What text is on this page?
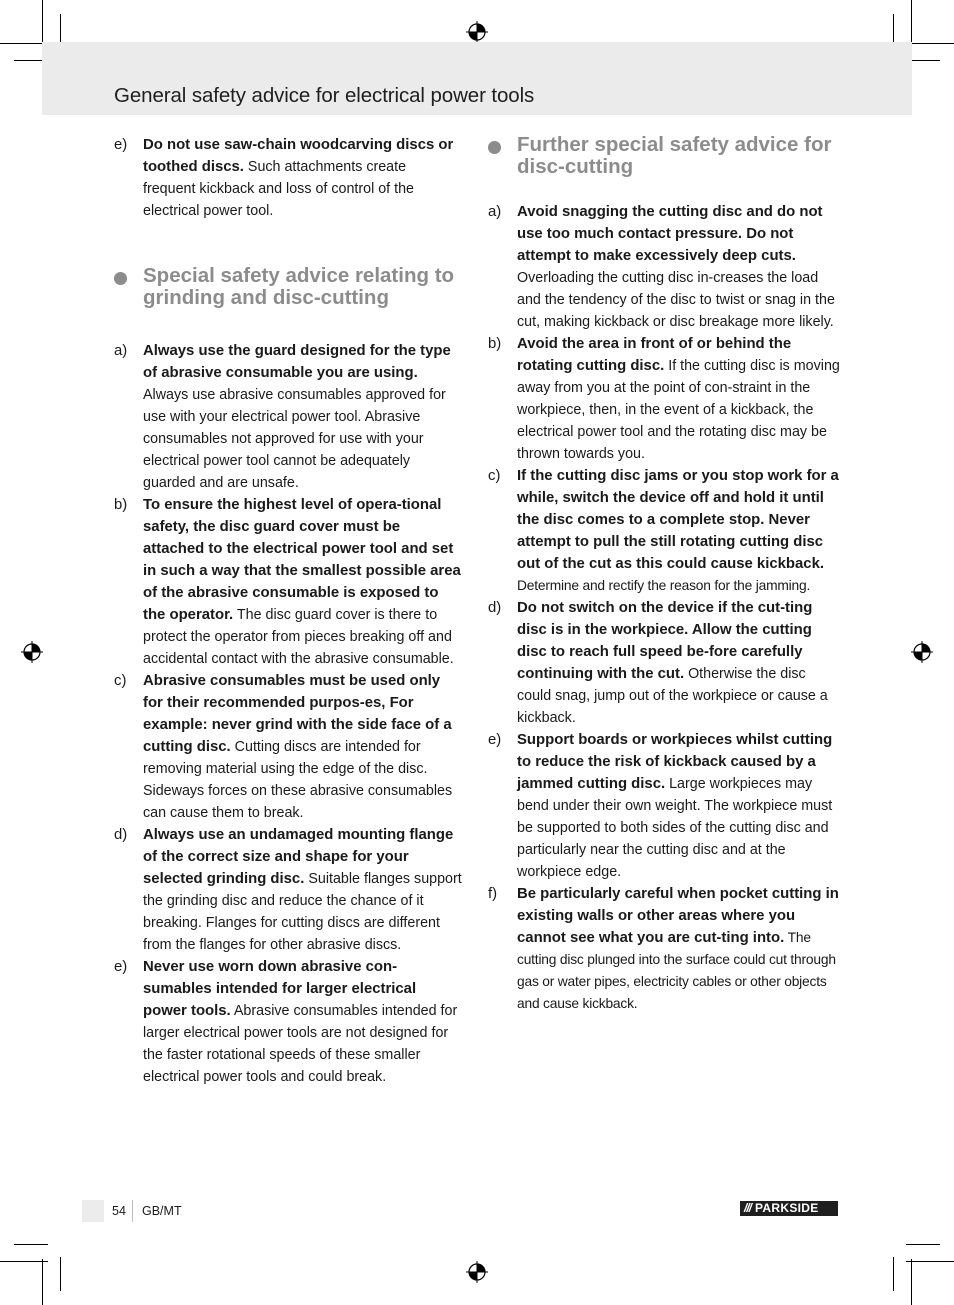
General safety advice for electrical power tools
e) Do not use saw-chain woodcarving discs or toothed discs. Such attachments create frequent kickback and loss of control of the electrical power tool.
Special safety advice relating to grinding and disc-cutting
a) Always use the guard designed for the type of abrasive consumable you are using. Always use abrasive consumables approved for use with your electrical power tool. Abrasive consumables not approved for use with your electrical power tool cannot be adequately guarded and are unsafe.
b) To ensure the highest level of opera-tional safety, the disc guard cover must be attached to the electrical power tool and set in such a way that the smallest possible area of the abrasive consumable is exposed to the operator. The disc guard cover is there to protect the operator from pieces breaking off and accidental contact with the abrasive consumable.
c) Abrasive consumables must be used only for their recommended purpos-es, For example: never grind with the side face of a cutting disc. Cutting discs are intended for removing material using the edge of the disc. Sideways forces on these abrasive consumables can cause them to break.
d) Always use an undamaged mounting flange of the correct size and shape for your selected grinding disc. Suitable flanges support the grinding disc and reduce the chance of it breaking. Flanges for cutting discs are different from the flanges for other abrasive discs.
e) Never use worn down abrasive con-sumables intended for larger electrical power tools. Abrasive consumables intended for larger electrical power tools are not designed for the faster rotational speeds of these smaller electrical power tools and could break.
Further special safety advice for disc-cutting
a) Avoid snagging the cutting disc and do not use too much contact pressure. Do not attempt to make excessively deep cuts. Overloading the cutting disc in-creases the load and the tendency of the disc to twist or snag in the cut, making kickback or disc breakage more likely.
b) Avoid the area in front of or behind the rotating cutting disc. If the cutting disc is moving away from you at the point of con-straint in the workpiece, then, in the event of a kickback, the electrical power tool and the rotating disc may be thrown towards you.
c) If the cutting disc jams or you stop work for a while, switch the device off and hold it until the disc comes to a complete stop. Never attempt to pull the still rotating cutting disc out of the cut as this could cause kickback. Determine and rectify the reason for the jamming.
d) Do not switch on the device if the cut-ting disc is in the workpiece. Allow the cutting disc to reach full speed be-fore carefully continuing with the cut. Otherwise the disc could snag, jump out of the workpiece or cause a kickback.
e) Support boards or workpieces whilst cutting to reduce the risk of kickback caused by a jammed cutting disc. Large workpieces may bend under their own weight. The workpiece must be supported to both sides of the cutting disc and particularly near the cutting disc and at the workpiece edge.
f) Be particularly careful when pocket cutting in existing walls or other areas where you cannot see what you are cut-ting into. The cutting disc plunged into the surface could cut through gas or water pipes, electricity cables or other objects and cause kickback.
54 GB/MT	/// PARKSIDE
